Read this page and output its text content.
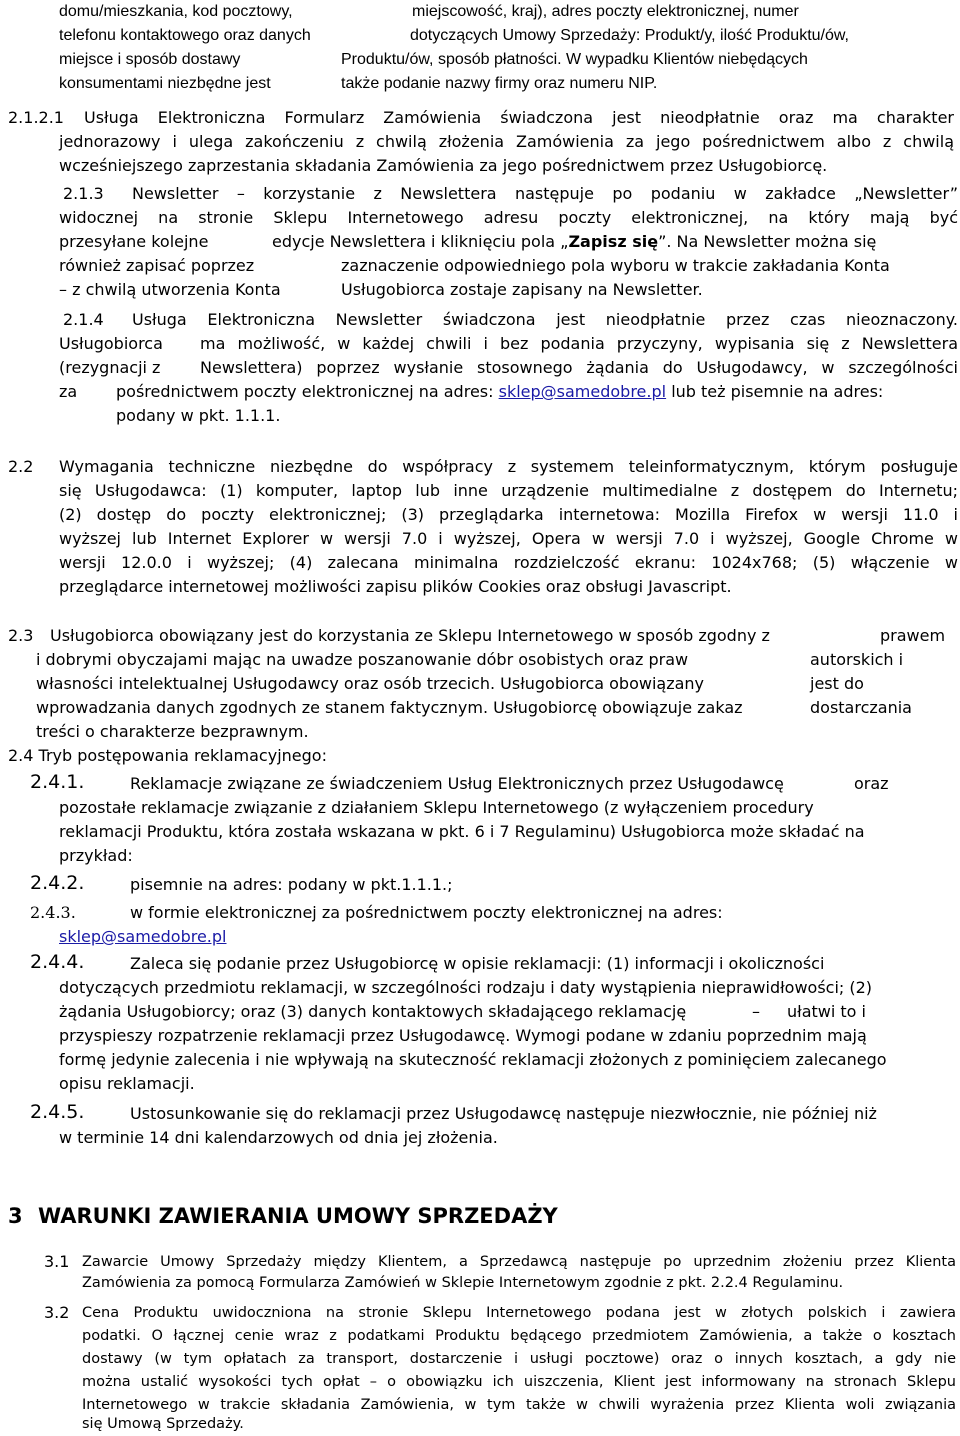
domu/mieszkania, kod pocztowy,	miejscowość, kraj), adres poczty elektronicznej, numer
telefonu kontaktowego oraz danych	dotyczących Umowy Sprzedaży: Produkt/y, ilość Produktu/ów,
miejsce i sposób dostawy	Produktu/ów, sposób płatności. W wypadku Klientów niebędących
konsumentami niezbędne jest	także podanie nazwy firmy oraz numeru NIP.
2.1.2.1 Usługa Elektroniczna Formularz Zamówienia świadczona jest nieodpłatnie oraz ma charakter
jednorazowy i ulega zakończeniu z chwilą złożenia Zamówienia za jego pośrednictwem albo z chwilą
wcześniejszego zaprzestania składania Zamówienia za jego pośrednictwem przez Usługobiorcę.
2.1.3 Newsletter – korzystanie z Newslettera następuje po podaniu w zakładce „Newsletter”
widocznej na stronie Sklepu Internetowego adresu poczty elektronicznej, na który mają być
przesyłane kolejne	edycje Newslettera i kliknięciu pola „Zapisz się”. Na Newsletter można się
również zapisać poprzez	zaznaczenie odpowiedniego pola wyboru w trakcie zakładania Konta
– z chwilą utworzenia Konta	Usługobiorca zostaje zapisany na Newsletter.
2.1.4 Usługa Elektroniczna Newsletter świadczona jest nieodpłatnie przez czas nieoznaczony.
Usługobiorca ma możliwość, w każdej chwili i bez podania przyczyny, wypisania się z Newslettera
(rezygnacji z Newslettera) poprzez wysłanie stosownego żądania do Usługodawcy, w szczególności
za pośrednictwem poczty elektronicznej na adres: sklep@samedobre.pl lub też pisemnie na adres:
podany w pkt. 1.1.1.
2.2 Wymagania techniczne niezbędne do współpracy z systemem teleinformatycznym, którym posługuje
się Usługodawca: (1) komputer, laptop lub inne urządzenie multimedialne z dostępem do Internetu;
(2) dostęp do poczty elektronicznej; (3) przeglądarka internetowa: Mozilla Firefox w wersji 11.0 i
wyższej lub Internet Explorer w wersji 7.0 i wyższej, Opera w wersji 7.0 i wyższej, Google Chrome w
wersji 12.0.0 i wyższej; (4) zalecana minimalna rozdzielczość ekranu: 1024x768; (5) włączenie w
przeglądarce internetowej możliwości zapisu plików Cookies oraz obsługi Javascript.
2.3 Usługobiorca obowiązany jest do korzystania ze Sklepu Internetowego w sposób zgodny z	prawem
i dobrymi obyczajami mając na uwadze poszanowanie dóbr osobistych oraz praw	autorskich i
własności intelektualnej Usługodawcy oraz osób trzecich. Usługobiorca obowiązany	jest do
wprowadzania danych zgodnych ze stanem faktycznym. Usługobiorcę obowiązuje zakaz	dostarczania
treści o charakterze bezprawnym.
2.4 Tryb postępowania reklamacyjnego:
2.4.1.	Reklamacje związane ze świadczeniem Usług Elektronicznych przez Usługodawcę	oraz
pozostałe reklamacje związanie z działaniem Sklepu Internetowego (z wyłączeniem procedury
reklamacji Produktu, która została wskazana w pkt. 6 i 7 Regulaminu) Usługobiorca może składać na
przykład:
2.4.2.	pisemnie na adres: podany w pkt.1.1.1.;
2.4.3.	w formie elektronicznej za pośrednictwem poczty elektronicznej na adres:
sklep@samedobre.pl
2.4.4.	Zaleca się podanie przez Usługobiorcę w opisie reklamacji: (1) informacji i okoliczności
dotyczących przedmiotu reklamacji, w szczególności rodzaju i daty wystąpienia nieprawidłowości; (2)
żądania Usługobiorcy; oraz (3) danych kontaktowych składającego reklamację	– ułatwi to i
przyspieszy rozpatrzenie reklamacji przez Usługodawcę. Wymogi podane w zdaniu poprzednim mają
formę jedynie zalecenia i nie wpływają na skuteczność reklamacji złożonych z pominięciem zalecanego
opisu reklamacji.
2.4.5.	Ustosunkowanie się do reklamacji przez Usługodawcę następuje niezwłocznie, nie później niż
w terminie 14 dni kalendarzowych od dnia jej złożenia.
3 WARUNKI ZAWIERANIA UMOWY SPRZEDAŻY
3.1 Zawarcie Umowy Sprzedaży między Klientem, a Sprzedawcą następuje po uprzednim złożeniu przez Klienta
Zamówienia za pomocą Formularza Zamówień w Sklepie Internetowym zgodnie z pkt. 2.2.4 Regulaminu.
3.2 Cena Produktu uwidoczniona na stronie Sklepu Internetowego podana jest w złotych polskich i zawiera
podatki. O łącznej cenie wraz z podatkami Produktu będącego przedmiotem Zamówienia, a także o kosztach
dostawy (w tym opłatach za transport, dostarczenie i usługi pocztowe) oraz o innych kosztach, a gdy nie
można ustalić wysokości tych opłat – o obowiązku ich uiszczenia, Klient jest informowany na stronach Sklepu
Internetowego w trakcie składania Zamówienia, w tym także w chwili wyrażenia przez Klienta woli związania
się Umową Sprzedaży.
